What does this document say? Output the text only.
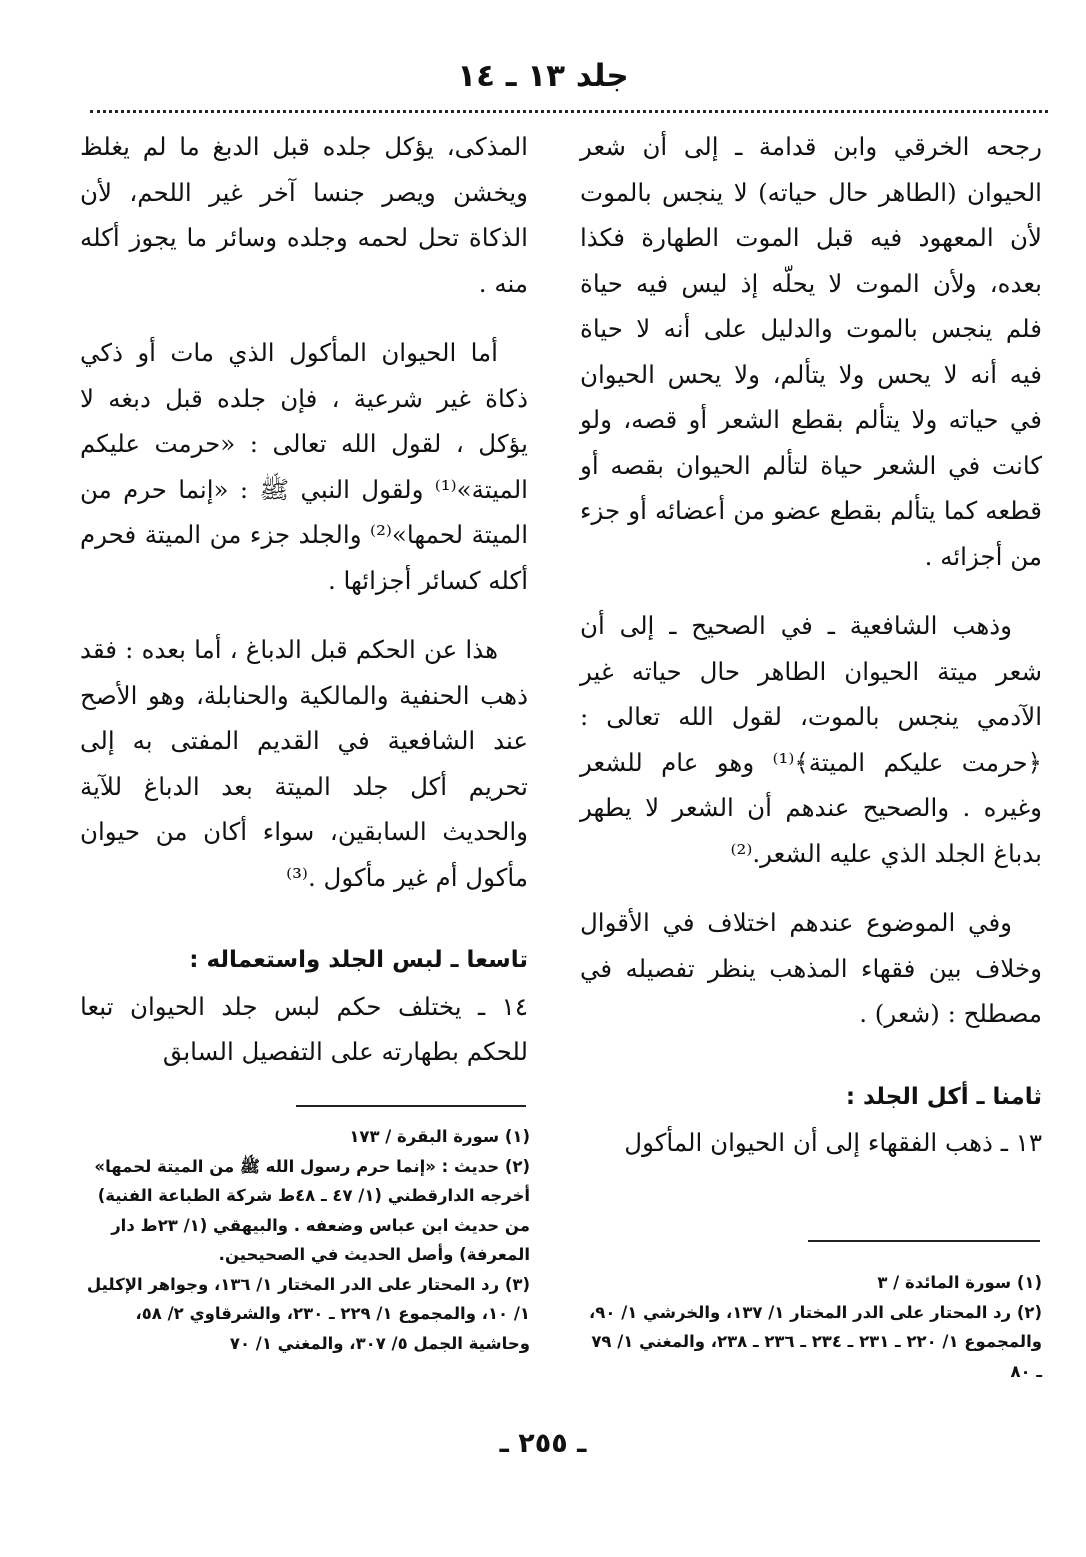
جلد ١٣ ـ ١٤

رجحه الخرقي وابن قدامة ـ إلى أن شعر الحيوان (الطاهر حال حياته) لا ينجس بالموت لأن المعهود فيه قبل الموت الطهارة فكذا بعده، ولأن الموت لا يحلّه إذ ليس فيه حياة فلم ينجس بالموت والدليل على أنه لا حياة فيه أنه لا يحس ولا يتألم، ولا يحس الحيوان في حياته ولا يتألم بقطع الشعر أو قصه، ولو كانت في الشعر حياة لتألم الحيوان بقصه أو قطعه كما يتألم بقطع عضو من أعضائه أو جزء من أجزائه .

وذهب الشافعية ـ في الصحيح ـ إلى أن شعر ميتة الحيوان الطاهر حال حياته غير الآدمي ينجس بالموت، لقول الله تعالى : ﴿حرمت عليكم الميتة﴾⁽¹⁾ وهو عام للشعر وغيره . والصحيح عندهم أن الشعر لا يطهر بدباغ الجلد الذي عليه الشعر.⁽²⁾

وفي الموضوع عندهم اختلاف في الأقوال وخلاف بين فقهاء المذهب ينظر تفصيله في مصطلح : (شعر) .

ثامنا ـ أكل الجلد :

١٣ ـ ذهب الفقهاء إلى أن الحيوان المأكول

المذكى، يؤكل جلده قبل الدبغ ما لم يغلظ ويخشن ويصر جنسا آخر غير اللحم، لأن الذكاة تحل لحمه وجلده وسائر ما يجوز أكله منه .

أما الحيوان المأكول الذي مات أو ذكي ذكاة غير شرعية ، فإن جلده قبل دبغه لا يؤكل ، لقول الله تعالى : «حرمت عليكم الميتة»⁽¹⁾ ولقول النبي ﷺ : «إنما حرم من الميتة لحمها»⁽²⁾ والجلد جزء من الميتة فحرم أكله كسائر أجزائها .

هذا عن الحكم قبل الدباغ ، أما بعده : فقد ذهب الحنفية والمالكية والحنابلة، وهو الأصح عند الشافعية في القديم المفتى به إلى تحريم أكل جلد الميتة بعد الدباغ للآية والحديث السابقين، سواء أكان من حيوان مأكول أم غير مأكول .⁽³⁾

تاسعا ـ لبس الجلد واستعماله :

١٤ ـ يختلف حكم لبس جلد الحيوان تبعا للحكم بطهارته على التفصيل السابق

(١) سورة البقرة / ١٧٣

(٢) حديث : «إنما حرم رسول الله ﷺ من الميتة لحمها» أخرجه الدارقطني (١/ ٤٧ ـ ٤٨ط شركة الطباعة الفنية) من حديث ابن عباس وضعفه . والبيهقي (١/ ٢٣ط دار المعرفة) وأصل الحديث في الصحيحين.

(٣) رد المحتار على الدر المختار ١/ ١٣٦، وجواهر الإكليل ١/ ١٠، والمجموع ١/ ٢٢٩ ـ ٢٣٠، والشرقاوي ٢/ ٥٨، وحاشية الجمل ٥/ ٣٠٧، والمغني ١/ ٧٠

(١) سورة المائدة / ٣

(٢) رد المحتار على الدر المختار ١/ ١٣٧، والخرشي ١/ ٩٠، والمجموع ١/ ٢٢٠ ـ ٢٣١ ـ ٢٣٤ ـ ٢٣٦ ـ ٢٣٨، والمغني ١/ ٧٩ ـ ٨٠

ـ ٢٥٥ ـ
